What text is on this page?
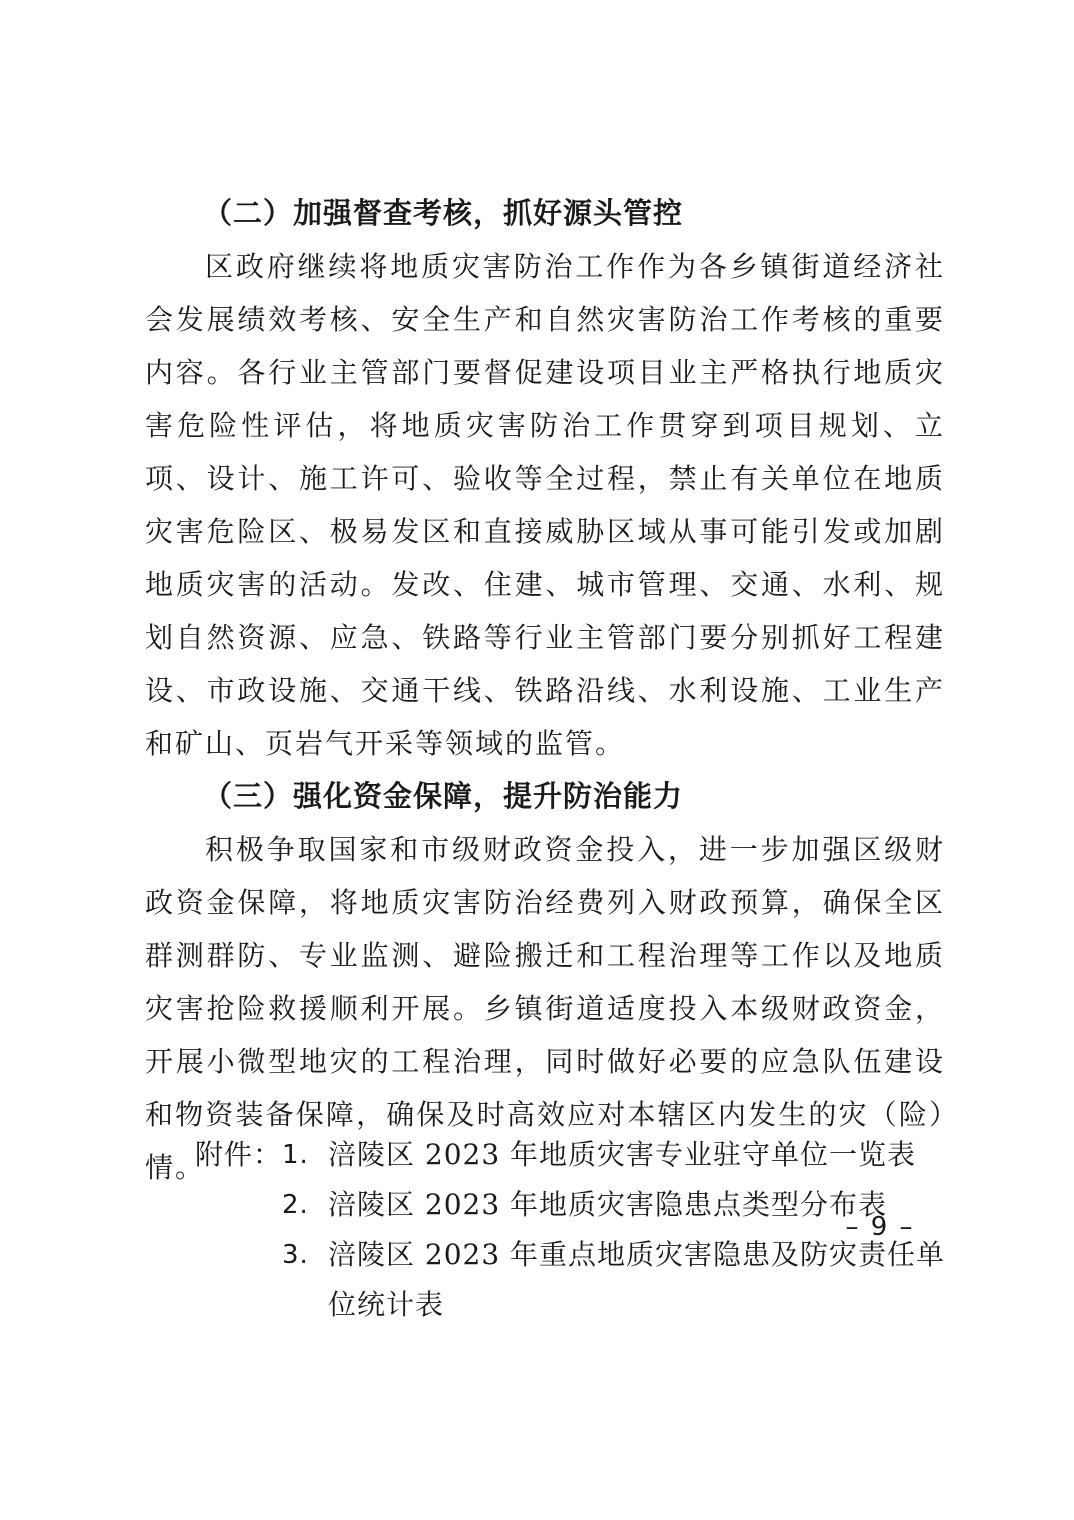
（二）加强督查考核，抓好源头管控

区政府继续将地质灾害防治工作作为各乡镇街道经济社会发展绩效考核、安全生产和自然灾害防治工作考核的重要内容。各行业主管部门要督促建设项目业主严格执行地质灾害危险性评估，将地质灾害防治工作贯穿到项目规划、立项、设计、施工许可、验收等全过程，禁止有关单位在地质灾害危险区、极易发区和直接威胁区域从事可能引发或加剧地质灾害的活动。发改、住建、城市管理、交通、水利、规划自然资源、应急、铁路等行业主管部门要分别抓好工程建设、市政设施、交通干线、铁路沿线、水利设施、工业生产和矿山、页岩气开采等领域的监管。

（三）强化资金保障，提升防治能力

积极争取国家和市级财政资金投入，进一步加强区级财政资金保障，将地质灾害防治经费列入财政预算，确保全区群测群防、专业监测、避险搬迁和工程治理等工作以及地质灾害抢险救援顺利开展。乡镇街道适度投入本级财政资金，开展小微型地灾的工程治理，同时做好必要的应急队伍建设和物资装备保障，确保及时高效应对本辖区内发生的灾（险）情。

附件： 1. 涪陵区 2023 年地质灾害专业驻守单位一览表
2. 涪陵区 2023 年地质灾害隐患点类型分布表
3. 涪陵区 2023 年重点地质灾害隐患及防灾责任单位统计表
– 9 –
